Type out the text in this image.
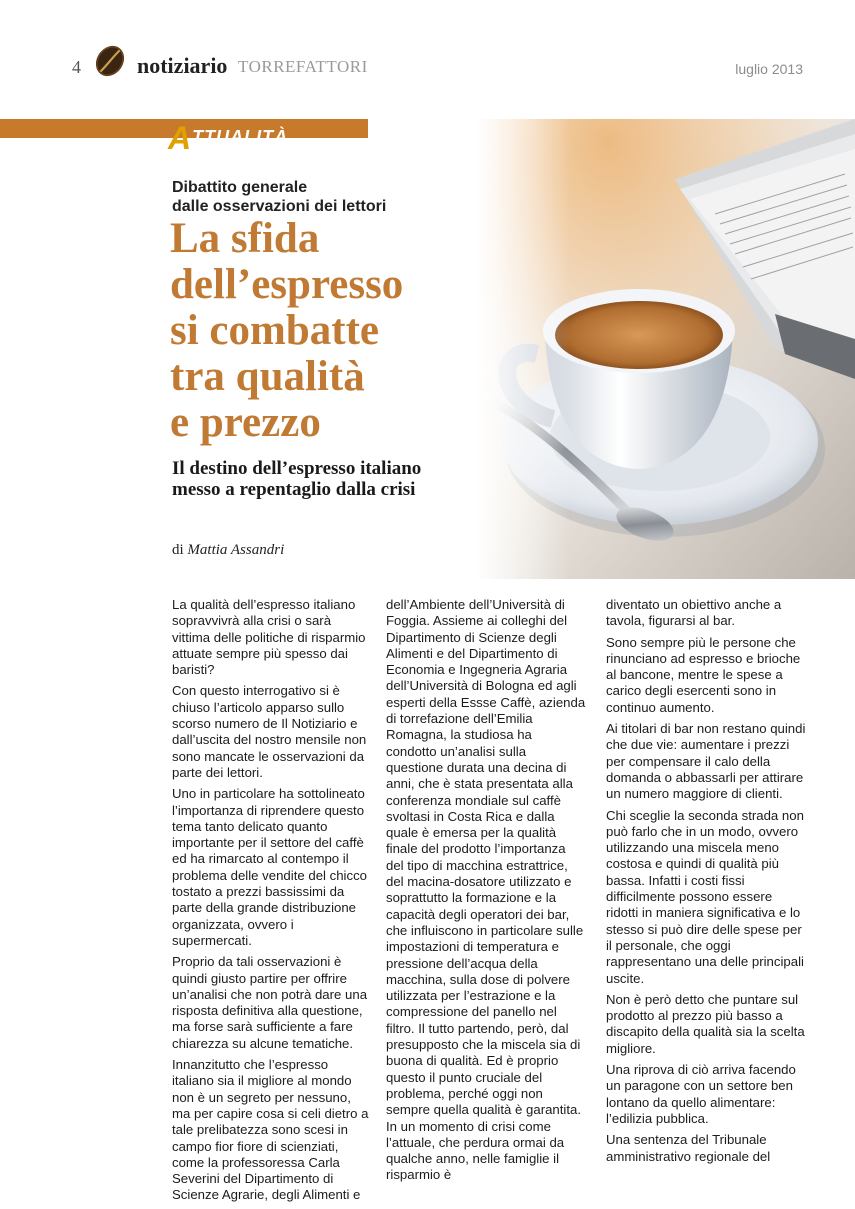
4	notiziario TORREFATTORI	luglio 2013
ATTUALITÀ
Dibattito generale
dalle osservazioni dei lettori
La sfida
dell’espresso
si combatte
tra qualità
e prezzo
Il destino dell’espresso italiano
messo a repentaglio dalla crisi
di Mattia Assandri

La qualità dell’espresso italiano sopravvivrà alla crisi o sarà vittima delle politiche di risparmio attuate sempre più spesso dai baristi?

Con questo interrogativo si è chiuso l’articolo apparso sullo scorso numero de Il Notiziario e dall’uscita del nostro mensile non sono mancate le osservazioni da parte dei lettori.

Uno in particolare ha sottolineato l’importanza di riprendere questo tema tanto delicato quanto importante per il settore del caffè ed ha rimarcato al contempo il problema delle vendite del chicco tostato a prezzi bassissimi da parte della grande distribuzione organizzata, ovvero i supermercati.

Proprio da tali osservazioni è quindi giusto partire per offrire un’analisi che non potrà dare una risposta definitiva alla questione, ma forse sarà sufficiente a fare chiarezza su alcune tematiche.

Innanzitutto che l’espresso italiano sia il migliore al mondo non è un segreto per nessuno, ma per capire cosa si celi dietro a tale prelibatezza sono scesi in campo fior fiore di scienziati, come la professoressa Carla Severini del Dipartimento di Scienze Agrarie, degli Alimenti e

dell’Ambiente dell’Università di Foggia. Assieme ai colleghi del Dipartimento di Scienze degli Alimenti e del Dipartimento di Economia e Ingegneria Agraria dell’Università di Bologna ed agli esperti della Essse Caffè, azienda di torrefazione dell’Emilia Romagna, la studiosa ha condotto un’analisi sulla questione durata una decina di anni, che è stata presentata alla conferenza mondiale sul caffè svoltasi in Costa Rica e dalla quale è emersa per la qualità finale del prodotto l’importanza del tipo di macchina estrattrice, del macina-dosatore utilizzato e soprattutto la formazione e la capacità degli operatori dei bar, che influiscono in particolare sulle impostazioni di temperatura e pressione dell’acqua della macchina, sulla dose di polvere utilizzata per l’estrazione e la compressione del panello nel filtro. Il tutto partendo, però, dal presupposto che la miscela sia di buona di qualità. Ed è proprio questo il punto cruciale del problema, perché oggi non sempre quella qualità è garantita. In un momento di crisi come l’attuale, che perdura ormai da qualche anno, nelle famiglie il risparmio è

diventato un obiettivo anche a tavola, figurarsi al bar.

Sono sempre più le persone che rinunciano ad espresso e brioche al bancone, mentre le spese a carico degli esercenti sono in continuo aumento.

Ai titolari di bar non restano quindi che due vie: aumentare i prezzi per compensare il calo della domanda o abbassarli per attirare un numero maggiore di clienti.

Chi sceglie la seconda strada non può farlo che in un modo, ovvero utilizzando una miscela meno costosa e quindi di qualità più bassa. Infatti i costi fissi difficilmente possono essere ridotti in maniera significativa e lo stesso si può dire delle spese per il personale, che oggi rappresentano una delle principali uscite.

Non è però detto che puntare sul prodotto al prezzo più basso a discapito della qualità sia la scelta migliore.

Una riprova di ciò arriva facendo un paragone con un settore ben lontano da quello alimentare: l’edilizia pubblica.

Una sentenza del Tribunale amministrativo regionale del
